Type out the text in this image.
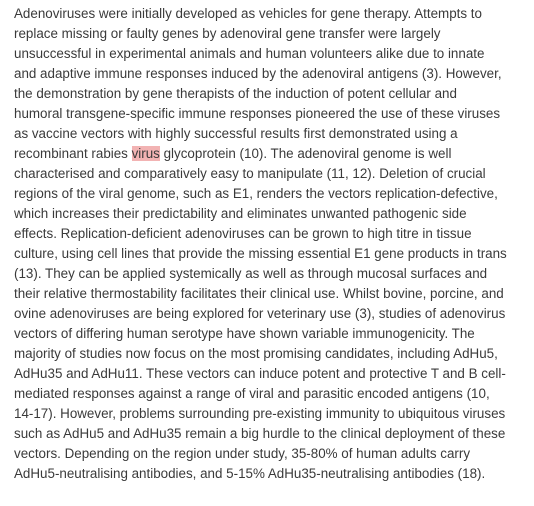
Adenoviruses were initially developed as vehicles for gene therapy. Attempts to
replace missing or faulty genes by adenoviral gene transfer were largely
unsuccessful in experimental animals and human volunteers alike due to innate
and adaptive immune responses induced by the adenoviral antigens (3). However,
the demonstration by gene therapists of the induction of potent cellular and
humoral transgene-specific immune responses pioneered the use of these viruses
as vaccine vectors with highly successful results first demonstrated using a
recombinant rabies virus glycoprotein (10). The adenoviral genome is well
characterised and comparatively easy to manipulate (11, 12). Deletion of crucial
regions of the viral genome, such as E1, renders the vectors replication-defective,
which increases their predictability and eliminates unwanted pathogenic side
effects. Replication-deficient adenoviruses can be grown to high titre in tissue
culture, using cell lines that provide the missing essential E1 gene products in trans
(13). They can be applied systemically as well as through mucosal surfaces and
their relative thermostability facilitates their clinical use. Whilst bovine, porcine, and
ovine adenoviruses are being explored for veterinary use (3), studies of adenovirus
vectors of differing human serotype have shown variable immunogenicity. The
majority of studies now focus on the most promising candidates, including AdHu5,
AdHu35 and AdHu11. These vectors can induce potent and protective T and B cell-
mediated responses against a range of viral and parasitic encoded antigens (10,
14-17). However, problems surrounding pre-existing immunity to ubiquitous viruses
such as AdHu5 and AdHu35 remain a big hurdle to the clinical deployment of these
vectors. Depending on the region under study, 35-80% of human adults carry
AdHu5-neutralising antibodies, and 5-15% AdHu35-neutralising antibodies (18).
